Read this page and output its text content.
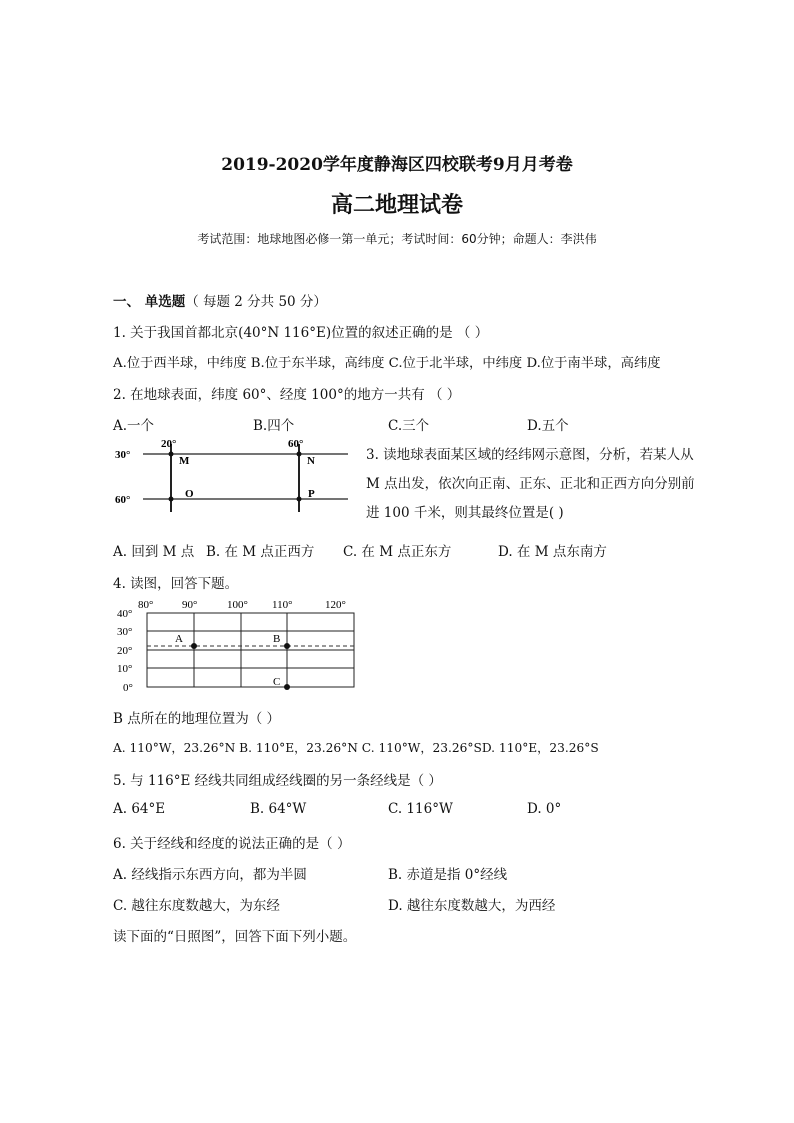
2019-2020学年度静海区四校联考9月月考卷
高二地理试卷
考试范围：地球地图必修一第一单元；考试时间：60分钟；命题人：李洪伟
一、 单选题（ 每题 2 分共 50 分）
1. 关于我国首都北京(40°N 116°E)位置的叙述正确的是 （ ）
A.位于西半球，中纬度 B.位于东半球，高纬度 C.位于北半球，中纬度 D.位于南半球，高纬度
2. 在地球表面，纬度 60°、经度 100°的地方一共有 （ ）
A.一个	B.四个	C.三个	D.五个
30°
60°
20°	60°
M	N
O	P
3. 读地球表面某区域的经纬网示意图，分析，若某人从 M 点出发，依次向正南、正东、正北和正西方向分别前进 100 千米，则其最终位置是( )
A. 回到 M 点 B. 在 M 点正西方 C. 在 M 点正东方	D. 在 M 点东南方
4. 读图，回答下题。
A	B
C
80°	90°	100° 110°	120°
40°
30°
20°
10°
0°
B 点所在的地理位置为（ ）
A. 110°W，23.26°N B. 110°E，23.26°N C. 110°W，23.26°SD. 110°E，23.26°S
5. 与 116°E 经线共同组成经线圈的另一条经线是（ ）
A. 64°E	B. 64°W	C. 116°W	D. 0°
6. 关于经线和经度的说法正确的是（ ）
A. 经线指示东西方向，都为半圆	B. 赤道是指 0°经线
C. 越往东度数越大，为东经	D. 越往东度数越大，为西经
读下面的“日照图”，回答下面下列小题。
